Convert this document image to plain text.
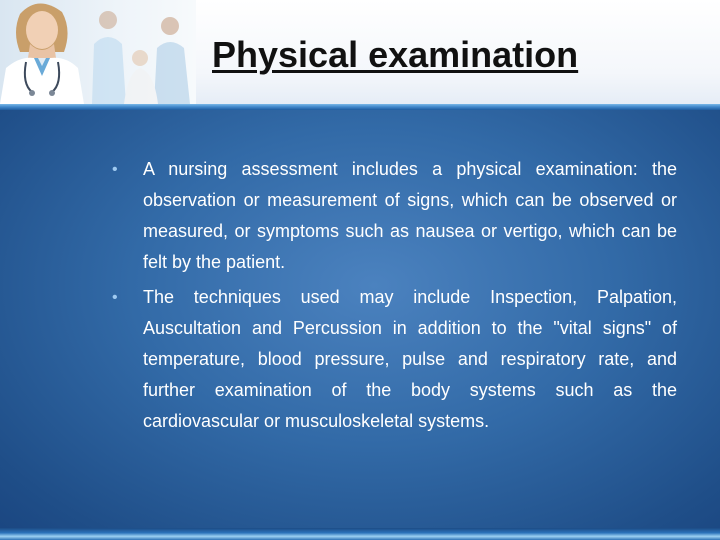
Physical examination
• A nursing assessment includes a physical examination: the observation or measurement of signs, which can be observed or measured, or symptoms such as nausea or vertigo, which can be felt by the patient.
• The techniques used may include Inspection, Palpation, Auscultation and Percussion in addition to the "vital signs" of temperature, blood pressure, pulse and respiratory rate, and further examination of the body systems such as the cardiovascular or musculoskeletal systems.
